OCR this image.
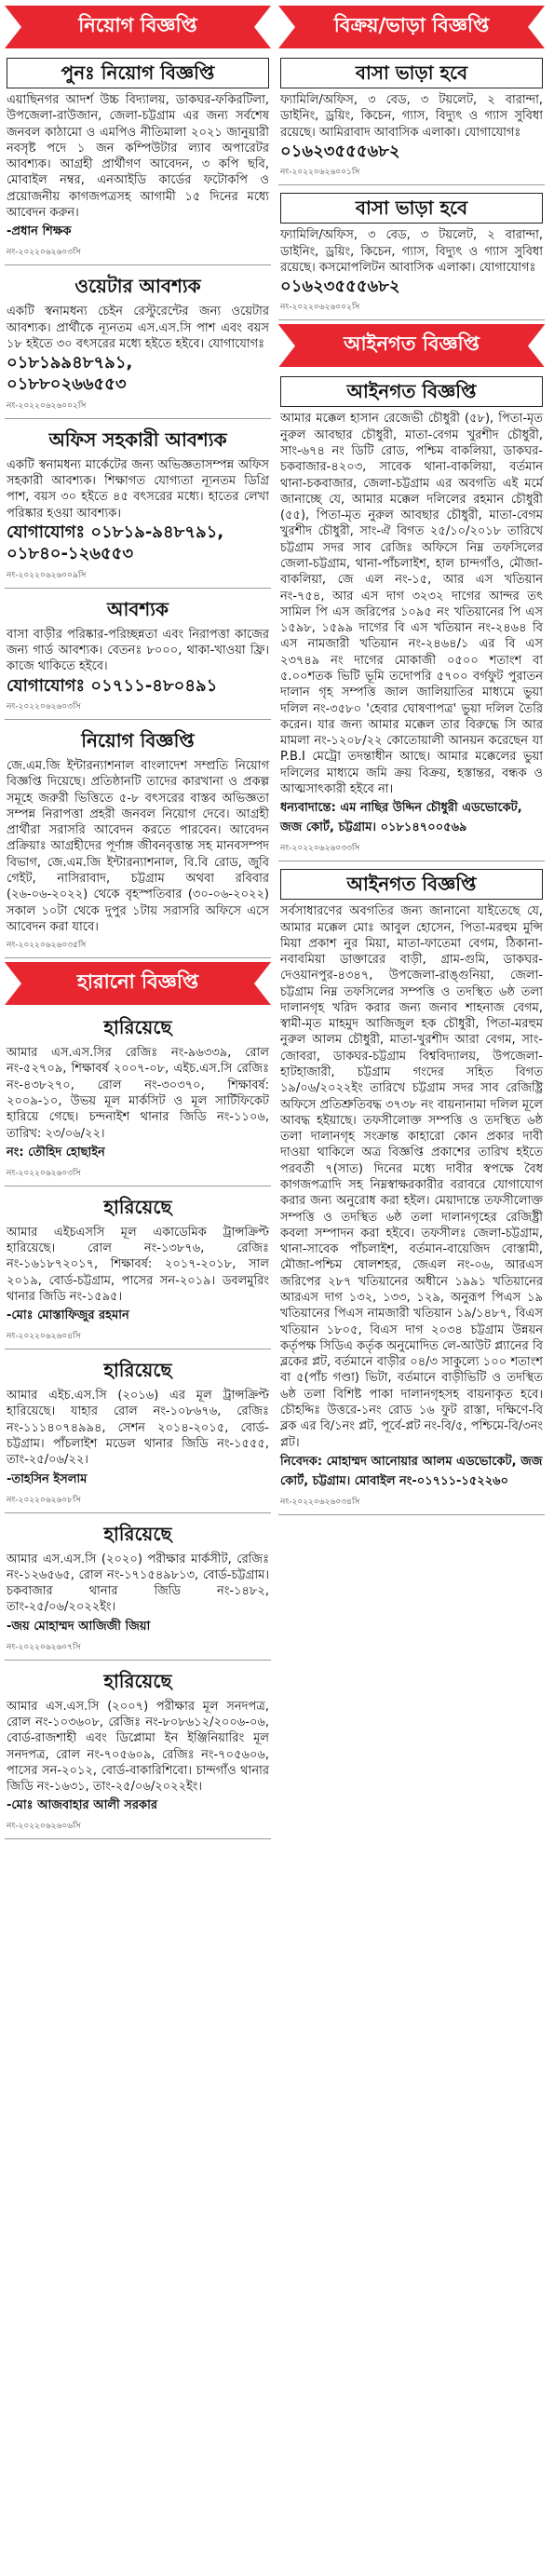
নিয়োগ বিজ্ঞপ্তি
পুনঃ নিয়োগ বিজ্ঞপ্তি
এয়াছিনগর আদর্শ উচ্চ বিদ্যালয়, ডাকঘর-ফকিরটিলা, উপজেলা-রাউজান, জেলা-চট্টগ্রাম এর জন্য সর্বশেষ জনবল কাঠামো ও এমপিও নীতিমালা ২০২১ জানুয়ারী নবসৃষ্ট পদে ১ জন কম্পিউটার ল্যাব অপারেটর আবশ্যক। আগ্রহী প্রার্থীগণ আবেদন, ৩ কপি ছবি, মোবাইল নম্বর, এনআইডি কার্ডের ফটোকপি ও প্রয়োজনীয় কাগজপত্রসহ আগামী ১৫ দিনের মধ্যে আবেদন করুন।
-প্রধান শিক্ষক
নং-২০২২০৬২৬০৩সি
ওয়েটার আবশ্যক
একটি স্বনামধন্য চেইন রেস্টুরেন্টের জন্য ওয়েটার আবশ্যক। প্রার্থীকে ন্যূনতম এস.এস.সি পাশ এবং বয়স ১৮ হইতে ৩০ বৎসরের মধ্যে হইতে হইবে। যোগাযোগঃ
০১৮১৯৯৪৮৭৯১,
০১৮৮০২৬৬৫৫৩
নং-২০২২০৬২৬০০২সি
অফিস সহকারী আবশ্যক
একটি স্বনামধন্য মার্কেটের জন্য অভিজ্ঞতাসম্পন্ন অফিস সহকারী আবশ্যক। শিক্ষাগত যোগ্যতা ন্যূনতম ডিগ্রি পাশ, বয়স ৩০ হইতে ৪৫ বৎসরের মধ্যে। হাতের লেখা পরিষ্কার হওয়া আবশ্যক।
যোগাযোগঃ ০১৮১৯-৯৪৮৭৯১,
০১৮৪০-১২৬৫৫৩
নং-২০২২০৬২৬০০৯সি
আবশ্যক
বাসা বাড়ীর পরিষ্কার-পরিচ্ছন্নতা এবং নিরাপত্তা কাজের জন্য গার্ড আবশ্যক। বেতনঃ ৮০০০, থাকা-খাওয়া ফ্রি। কাজে থাকিতে হইবে।
যোগাযোগঃ ০১৭১১-৪৮০৪৯১
নং-২০২২০৬২৬০৩সি
নিয়োগ বিজ্ঞপ্তি
জে.এম.জি ইন্টারন্যাশনাল বাংলাদেশ সম্প্রতি নিয়োগ বিজ্ঞপ্তি দিয়েছে। প্রতিষ্ঠানটি তাদের কারখানা ও প্রকল্প সমূহে জরুরী ভিত্তিতে ৫-৮ বৎসরের বাস্তব অভিজ্ঞতা সম্পন্ন নিরাপত্তা প্রহরী জনবল নিয়োগ দেবে। আগ্রহী প্রার্থীরা সরাসরি আবেদন করতে পারবেন। আবেদন প্রক্রিয়াঃ আগ্রহীদের পূর্ণাঙ্গ জীবনবৃত্তান্ত সহ মানবসম্পদ বিভাগ, জে.এম.জি ইন্টারন্যাশনাল, বি.বি রোড, জুবি গেইট, নাসিরাবাদ, চট্টগ্রাম অথবা রবিবার (২৬-০৬-২০২২) থেকে বৃহস্পতিবার (৩০-০৬-২০২২) সকাল ১০টা থেকে দুপুর ১টায় সরাসরি অফিসে এসে আবেদন করা যাবে।
নং-২০২২০৬২৬০৩৫সি
হারানো বিজ্ঞপ্তি
হারিয়েছে
আমার এস.এস.সির রেজিঃ নং-৯৬৩৩৯, রোল নং-৫২৭০৯, শিক্ষাবর্ষ ২০০৭-০৮, এইচ.এস.সি রেজিঃ নং-৪৩৮২৭০, রোল নং-৩০৩৭০, শিক্ষাবর্ষ: ২০০৯-১০, উভয় মূল মার্কসিট ও মূল সার্টিফিকেট হারিয়ে গেছে। চন্দনাইশ থানার জিডি নং-১১০৬, তারিখ: ২৩/০৬/২২।
নং: তৌহিদ হোছাইন
নং-২০২২০৬২৬০৩সি
হারিয়েছে
আমার এইচএসসি মূল একাডেমিক ট্রান্সক্রিপ্ট হারিয়েছে। রোল নং-১৩৮৭৬, রেজিঃ নং-১৬১৮৭২০১৭, শিক্ষাবর্ষ: ২০১৭-২০১৮, সাল ২০১৯, বোর্ড-চট্টগ্রাম, পাসের সন-২০১৯। ডবলমুরিং থানার জিডি নং-১৫৯৫।
-মোঃ মোস্তাফিজুর রহমান
নং-২০২২০৬২৬০৪সি
হারিয়েছে
আমার এইচ.এস.সি (২০১৬) এর মূল ট্রান্সক্রিপ্ট হারিয়েছে। যাহার রোল নং-১০৮৬৭৬, রেজিঃ নং-১১১৪০৭৪৯৯৪, সেশন ২০১৪-২০১৫, বোর্ড-চট্টগ্রাম। পাঁচলাইশ মডেল থানার জিডি নং-১৫৫৫, তাং-২৫/০৬/২২।
-তাহসিন ইসলাম
নং-২০২২০৬২৬০৮সি
হারিয়েছে
আমার এস.এস.সি (২০২০) পরীক্ষার মার্কসীট, রেজিঃ নং-১২৬৫৬৫, রোল নং-১৭১৫৪৯৮১৩, বোর্ড-চট্টগ্রাম। চকবাজার থানার জিডি নং-১৪৮২, তাং-২৫/০৬/২০২২ইং।
-জয় মোহাম্মদ আজিজী জিয়া
নং-২০২২০৬২৬০৭সি
হারিয়েছে
আমার এস.এস.সি (২০০৭) পরীক্ষার মূল সনদপত্র, রোল নং-১০৩৬০৮, রেজিঃ নং-৮০৮৬১২/২০০৬-০৬, বোর্ড-রাজশাহী এবং ডিপ্লোমা ইন ইঞ্জিনিয়ারিং মূল সনদপত্র, রোল নং-৭০৫৬০৯, রেজিঃ নং-৭০৫৬০৬, পাসের সন-২০১২, বোর্ড-বাকারিশিবো। চান্দগাঁও থানার জিডি নং-১৬৩১, তাং-২৫/০৬/২০২২ইং।
-মোঃ আজবাহার আলী সরকার
নং-২০২২০৬২৬০৬সি
বিক্রয়/ভাড়া বিজ্ঞপ্তি
বাসা ভাড়া হবে
ফ্যামিলি/অফিস, ৩ বেড, ৩ টয়লেট, ২ বারান্দা, ডাইনিং, ড্রয়িং, কিচেন, গ্যাস, বিদ্যুৎ ও গ্যাস সুবিধা রয়েছে। আমিরাবাদ আবাসিক এলাকা। যোগাযোগঃ
০১৬২৩৫৫৫৬৮২
নং-২০২২০৬২৬০০১সি
বাসা ভাড়া হবে
ফ্যামিলি/অফিস, ৩ বেড, ৩ টয়লেট, ২ বারান্দা, ডাইনিং, ড্রয়িং, কিচেন, গ্যাস, বিদ্যুৎ ও গ্যাস সুবিধা রয়েছে। কসমোপলিটন আবাসিক এলাকা। যোগাযোগঃ
০১৬২৩৫৫৫৬৮২
নং-২০২২০৬২৬০০২সি
আইনগত বিজ্ঞপ্তি
আইনগত বিজ্ঞপ্তি
আমার মক্কেল হাসান রেজেভী চৌধুরী (৫৮), পিতা-মৃত নুরুল আবছার চৌধুরী, মাতা-বেগম খুরশীদ চৌধুরী, সাং-৬৭৪ নং ডিটি রোড, পশ্চিম বাকলিয়া, ডাকঘর-চকবাজার-৪২০৩, সাবেক থানা-বাকলিয়া, বর্তমান থানা-চকবাজার, জেলা-চট্টগ্রাম এর অবগতি এই মর্মে জানাচ্ছে যে, আমার মক্কেল দলিলের রহমান চৌধুরী (৫৫), পিতা-মৃত নুরুল আবছার চৌধুরী, মাতা-বেগম খুরশীদ চৌধুরী, সাং-ঐ বিগত ২৫/১০/২০১৮ তারিখে চট্টগ্রাম সদর সাব রেজিঃ অফিসে নিম্ন তফসিলের জেলা-চট্টগ্রাম, থানা-পাঁচলাইশ, হাল চান্দগাঁও, মৌজা-বাকলিয়া, জে এল নং-১৫, আর এস খতিয়ান নং-৭৫৪, আর এস দাগ ৩২৩২ দাগের আন্দর তৎ সামিল পি এস জরিপের ১০৯৫ নং খতিয়ানের পি এস ১৫৯৮, ১৫৯৯ দাগের বি এস খতিয়ান নং-২৪৬৪ বি এস নামজারী খতিয়ান নং-২৪৬৪/১ এর বি এস ২৩৭৪৯ নং দাগের মোকাজী ০৫০০ শতাংশ বা ৫.০০শতক ভিটি ভূমি তদোপরি ৫৭০০ বর্গফুট পুরাতন দালান গৃহ সম্পত্তি জাল জালিয়াতির মাধ্যমে ভুয়া দলিল নং-৩৫৮০ 'হেবার ঘোষণাপত্র' ভুয়া দলিল তৈরি করেন। যার জন্য আমার মক্কেল তার বিরুদ্ধে সি আর মামলা নং-১২০৮/২২ কোতোয়ালী আনয়ন করেছেন যা P.B.I মেট্রো তদন্তাধীন আছে। আমার মক্কেলের ভুয়া দলিলের মাধ্যমে জমি ক্রয় বিক্রয়, হস্তান্তর, বন্ধক ও আত্মসাৎকারী হইবে না।
ধন্যবাদান্তে: এম নাছির উদ্দিন চৌধুরী এডভোকেট, জজ কোর্ট, চট্টগ্রাম। ০১৮১৪৭০০৫৬৯
নং-২০২২০৬২৬০৩৩সি
আইনগত বিজ্ঞপ্তি
সর্বসাধারণের অবগতির জন্য জানানো যাইতেছে যে, আমার মক্কেল মোঃ আবুল হোসেন, পিতা-মরহুম মুন্সি মিয়া প্রকাশ নুর মিয়া, মাতা-ফাতেমা বেগম, ঠিকানা-নবাবমিয়া ডাক্তারের বাড়ী, গ্রাম-গুমি, ডাকঘর-দেওয়ানপুর-৪৩৪৭, উপজেলা-রাঙ্গুনিয়া, জেলা-চট্টগ্রাম নিম্ন তফসিলের সম্পত্তি ও তদস্থিত ৬ষ্ঠ তলা দালানগৃহ খরিদ করার জন্য জনাব শাহনাজ বেগম, স্বামী-মৃত মাহমুদ আজিজুল হক চৌধুরী, পিতা-মরহুম নুরুল আলম চৌধুরী, মাতা-খুরশীদ আরা বেগম, সাং-জোবরা, ডাকঘর-চট্টগ্রাম বিশ্ববিদ্যালয়, উপজেলা-হাটহাজারী, চট্টগ্রাম গংদের সহিত বিগত ১৯/০৬/২০২২ইং তারিখে চট্টগ্রাম সদর সাব রেজিষ্ট্রি অফিসে প্রতিশ্রুতিবদ্ধ ৩৭৩৮ নং বায়নানামা দলিল মূলে আবদ্ধ হইয়াছে। তফসীলোক্ত সম্পত্তি ও তদস্থিত ৬ষ্ঠ তলা দালানগৃহ সংক্রান্ত কাহারো কোন প্রকার দাবী দাওয়া থাকিলে অত্র বিজ্ঞপ্তি প্রকাশের তারিখ হইতে পরবর্তী ৭(সাত) দিনের মধ্যে দাবীর স্বপক্ষে বৈধ কাগজপত্রাদি সহ নিম্নস্বাক্ষরকারীর বরাবরে যোগাযোগ করার জন্য অনুরোধ করা হইল। মেয়াদান্তে তফসীলোক্ত সম্পত্তি ও তদস্থিত ৬ষ্ঠ তলা দালানগৃহের রেজিষ্ট্রী কবলা সম্পাদন করা হইবে। তফসীলঃ জেলা-চট্টগ্রাম, থানা-সাবেক পাঁচলাইশ, বর্তমান-বায়েজিদ বোস্তামী, মৌজা-পশ্চিম ষোলশহর, জেএল নং-০৬, আরএস জরিপের ২৮৭ খতিয়ানের অধীনে ১৯৯১ খতিয়ানের আরএস দাগ ১৩২, ১৩৩, ১২৯, অনুরূপ পিএস ১৯ খতিয়ানের পিএস নামজারী খতিয়ান ১৯/১৪৮৭, বিএস খতিয়ান ১৮০৫, বিএস দাগ ২০৩৪ চট্টগ্রাম উন্নয়ন কর্তৃপক্ষ সিডিএ কর্তৃক অনুমোদিত লে-আউট প্ল্যানের বি ব্লকের প্লট, বর্তমানে বাড়ীর ০৪/৩ সাকুল্যে ১০০ শতাংশ বা ৫(পাঁচ গণ্ডা) ভিটা, বর্তমানে বাড়ীভিটি ও তদস্থিত ৬ষ্ঠ তলা বিশিষ্ট পাকা দালানগৃহসহ বায়নাকৃত হবে। চৌহদ্দিঃ উত্তরে-১নং রোড ১৬ ফুট রাস্তা, দক্ষিণে-বি ব্লক এর বি/১নং প্লট, পূর্বে-প্লট নং-বি/৫, পশ্চিমে-বি/৩নং প্লট।
নিবেদক: মোহাম্মদ আনোয়ার আলম এডভোকেট, জজ কোর্ট, চট্টগ্রাম। মোবাইল নং-০১৭১১-১৫২২৬০
নং-২০২২০৬২৬০৩৪সি
